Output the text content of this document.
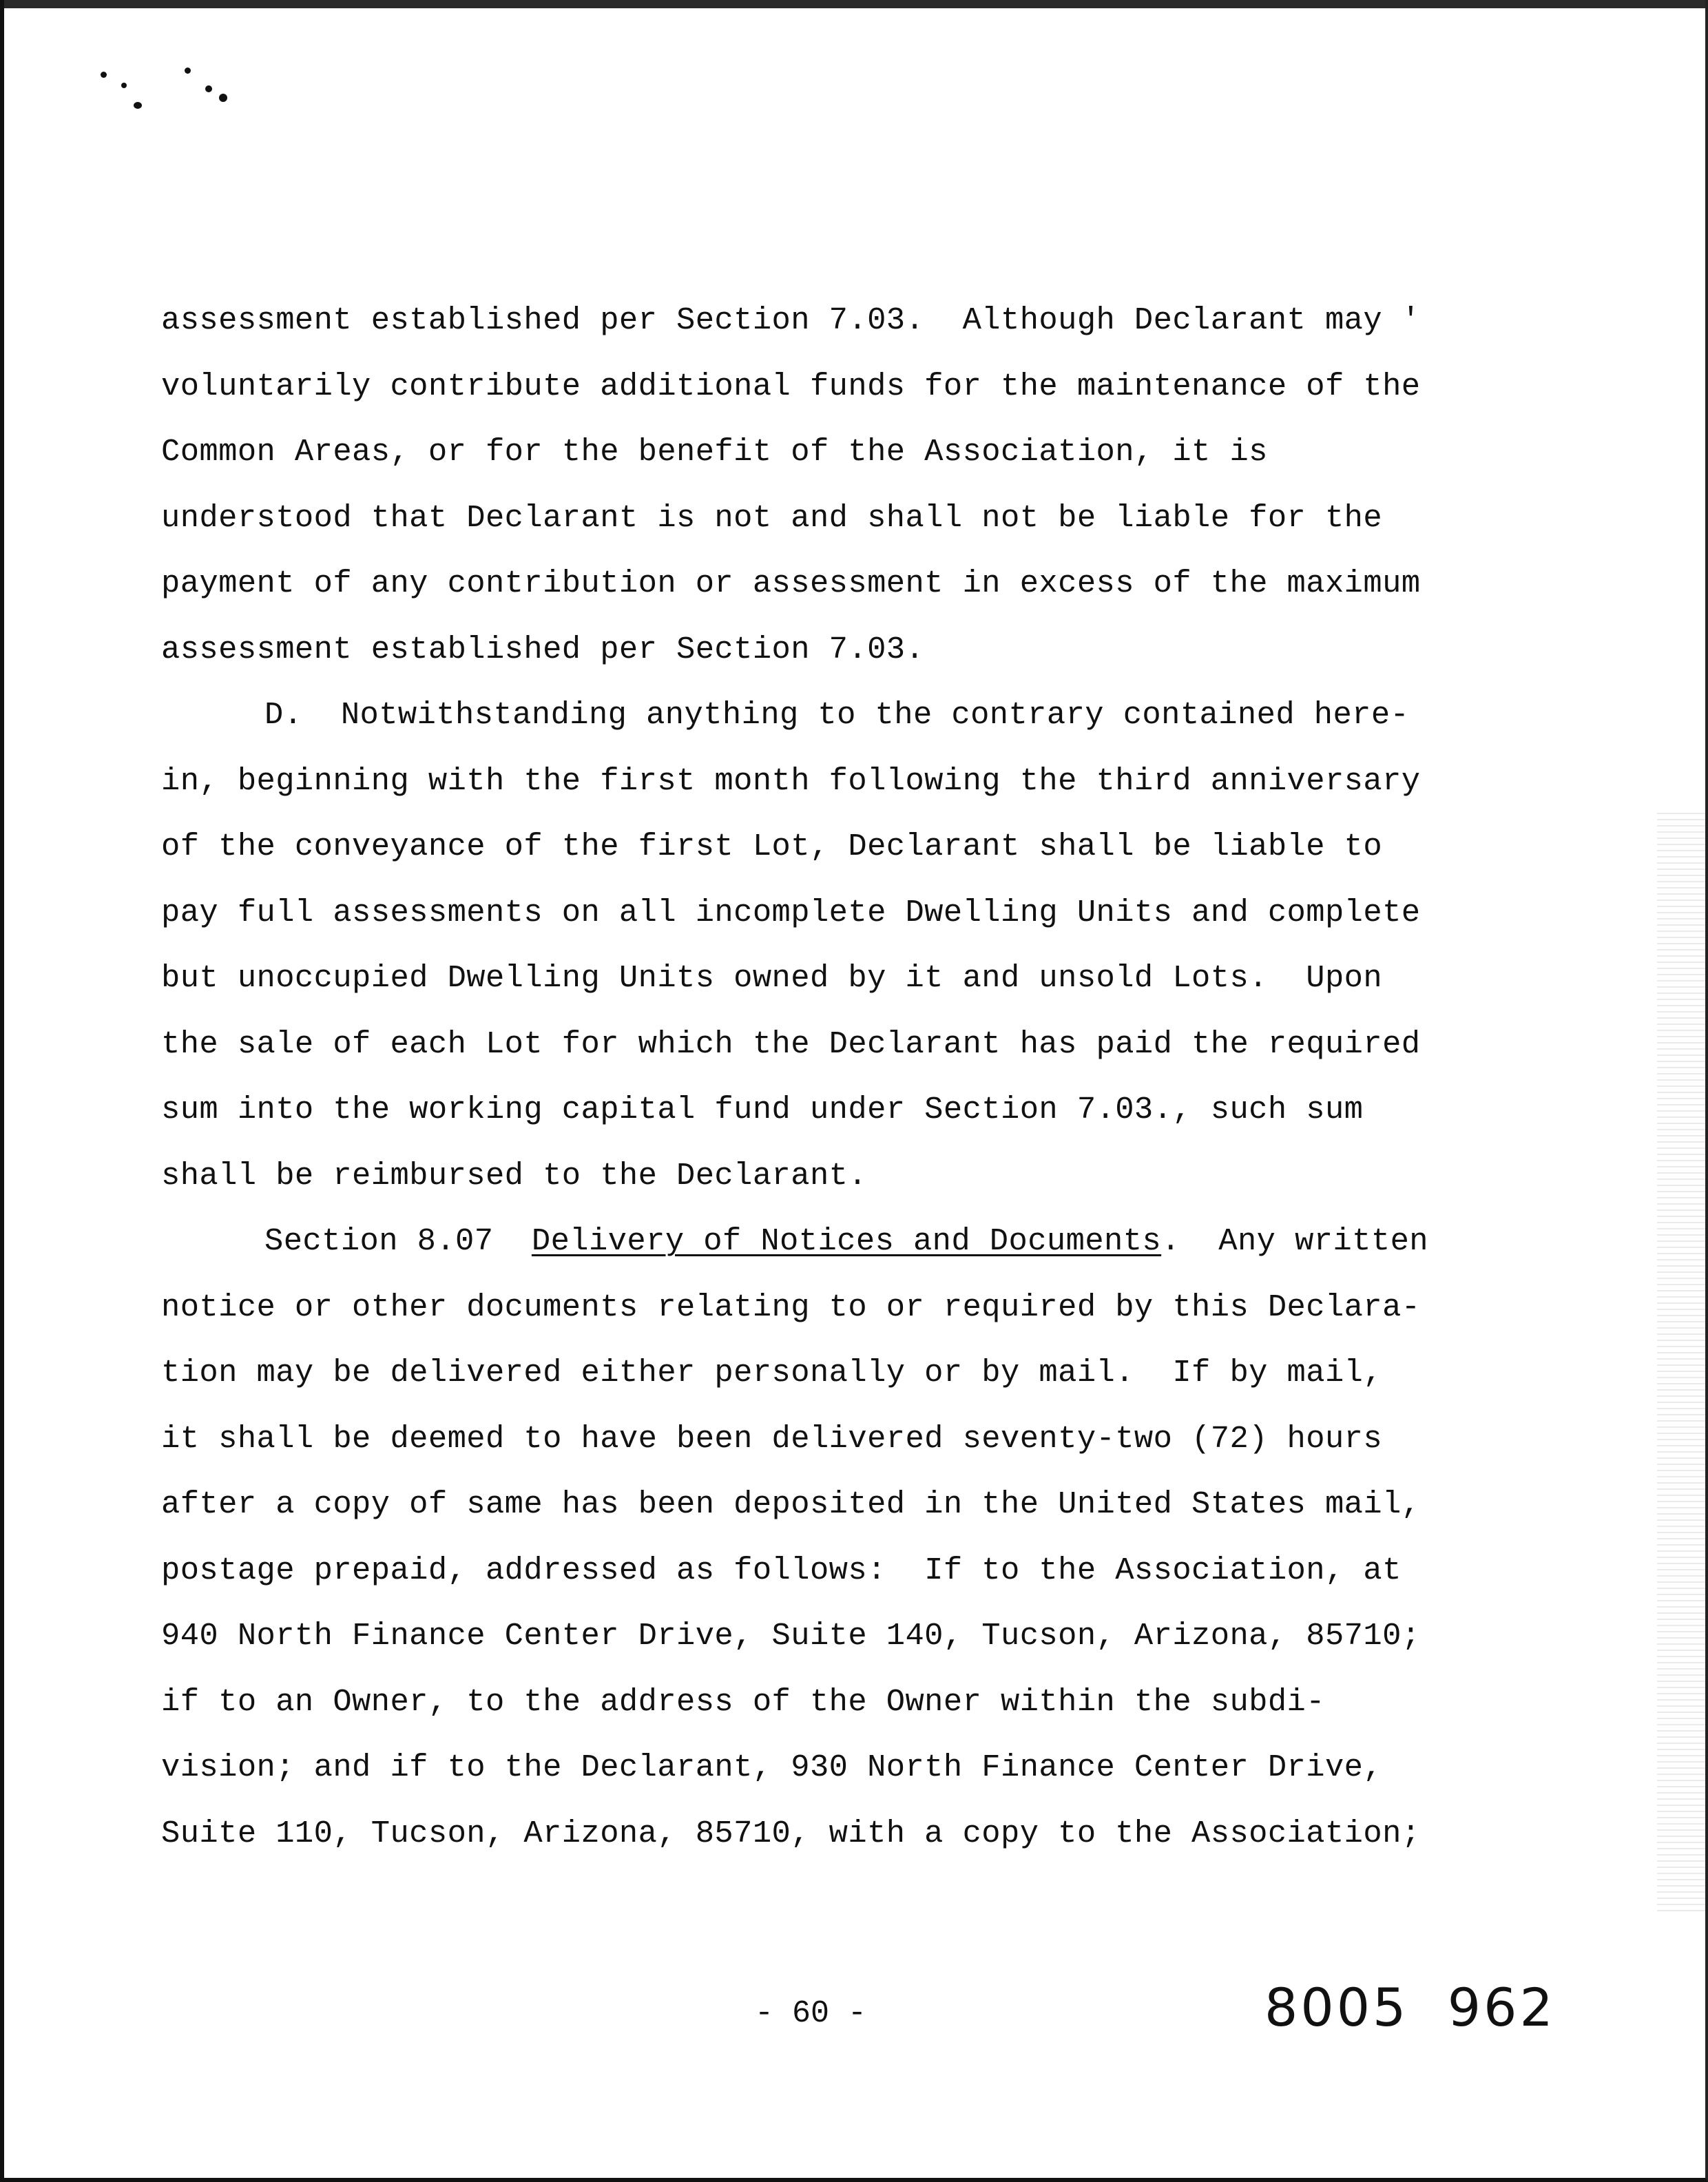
assessment established per Section 7.03.  Although Declarant may '
voluntarily contribute additional funds for the maintenance of the
Common Areas, or for the benefit of the Association, it is
understood that Declarant is not and shall not be liable for the
payment of any contribution or assessment in excess of the maximum
assessment established per Section 7.03.
D.  Notwithstanding anything to the contrary contained here-
in, beginning with the first month following the third anniversary
of the conveyance of the first Lot, Declarant shall be liable to
pay full assessments on all incomplete Dwelling Units and complete
but unoccupied Dwelling Units owned by it and unsold Lots.  Upon
the sale of each Lot for which the Declarant has paid the required
sum into the working capital fund under Section 7.03., such sum
shall be reimbursed to the Declarant.
Section 8.07 Delivery of Notices and Documents.  Any written
notice or other documents relating to or required by this Declara-
tion may be delivered either personally or by mail.  If by mail,
it shall be deemed to have been delivered seventy-two (72) hours
after a copy of same has been deposited in the United States mail,
postage prepaid, addressed as follows:  If to the Association, at
940 North Finance Center Drive, Suite 140, Tucson, Arizona, 85710;
if to an Owner, to the address of the Owner within the subdi-
vision; and if to the Declarant, 930 North Finance Center Drive,
Suite 110, Tucson, Arizona, 85710, with a copy to the Association;
- 60 -	8005  962
